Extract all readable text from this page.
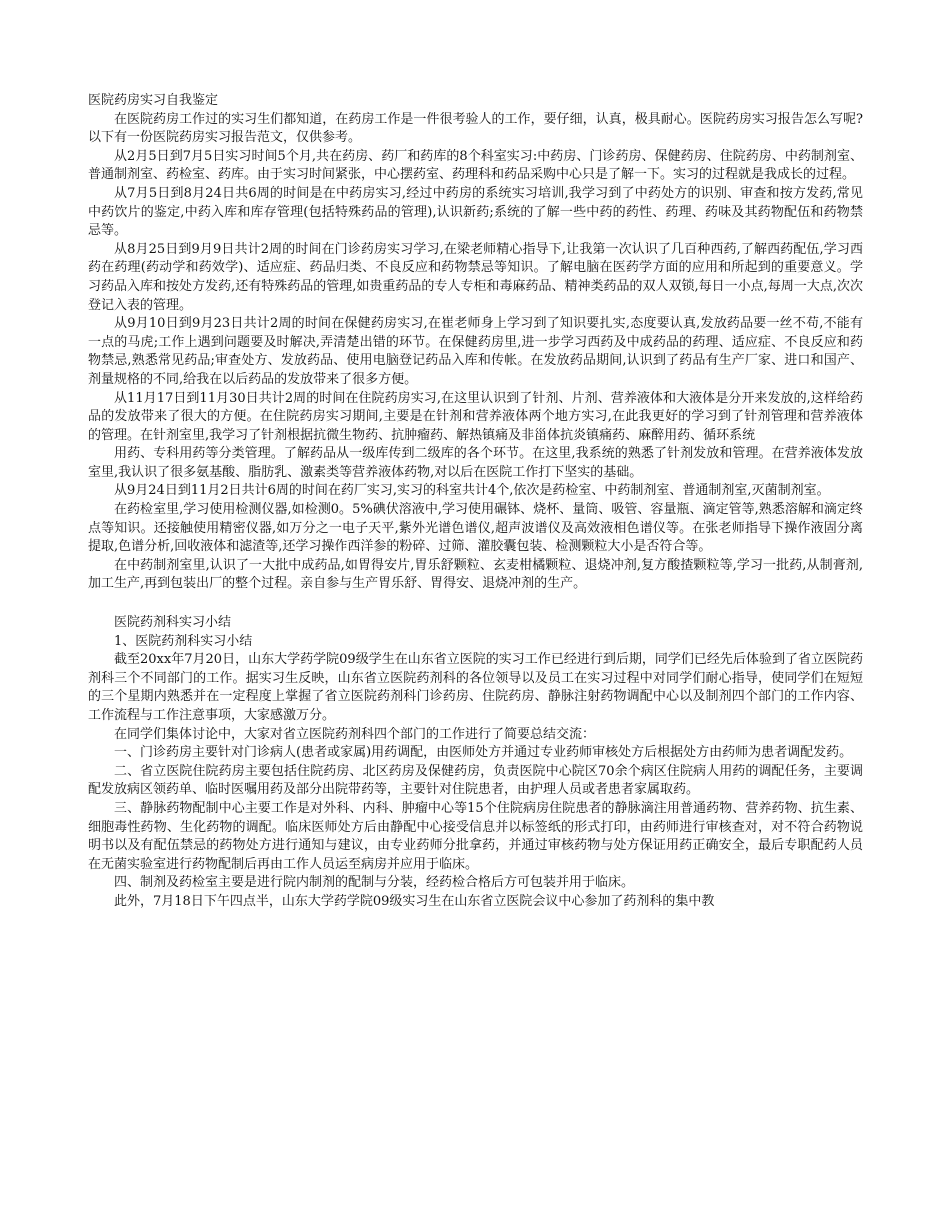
医院药房实习自我鉴定

在医院药房工作过的实习生们都知道，在药房工作是一件很考验人的工作，要仔细，认真，极具耐心。医院药房实习报告怎么写呢?以下有一份医院药房实习报告范文，仅供参考。

从2月5日到7月5日实习时间5个月,共在药房、药厂和药库的8个科室实习:中药房、门诊药房、保健药房、住院药房、中药制剂室、普通制剂室、药检室、药库。由于实习时间紧张，中心摆药室、药理科和药品采购中心只是了解一下。实习的过程就是我成长的过程。

从7月5日到8月24日共6周的时间是在中药房实习,经过中药房的系统实习培训,我学习到了中药处方的识别、审查和按方发药,常见中药饮片的鉴定,中药入库和库存管理(包括特殊药品的管理),认识新药;系统的了解一些中药的药性、药理、药味及其药物配伍和药物禁忌等。

从8月25日到9月9日共计2周的时间在门诊药房实习学习,在梁老师精心指导下,让我第一次认识了几百种西药,了解西药配伍,学习西药在药理(药动学和药效学)、适应症、药品归类、不良反应和药物禁忌等知识。了解电脑在医药学方面的应用和所起到的重要意义。学习药品入库和按处方发药,还有特殊药品的管理,如贵重药品的专人专柜和毒麻药品、精神类药品的双人双锁,每日一小点,每周一大点,次次登记入表的管理。

从9月10日到9月23日共计2周的时间在保健药房实习,在崔老师身上学习到了知识要扎实,态度要认真,发放药品要一丝不苟,不能有一点的马虎;工作上遇到问题要及时解决,弄清楚出错的环节。在保健药房里,进一步学习西药及中成药品的药理、适应症、不良反应和药物禁忌,熟悉常见药品;审查处方、发放药品、使用电脑登记药品入库和传帐。在发放药品期间,认识到了药品有生产厂家、进口和国产、剂量规格的不同,给我在以后药品的发放带来了很多方便。

从11月17日到11月30日共计2周的时间在住院药房实习,在这里认识到了针剂、片剂、营养液体和大液体是分开来发放的,这样给药品的发放带来了很大的方便。在住院药房实习期间,主要是在针剂和营养液体两个地方实习,在此我更好的学习到了针剂管理和营养液体的管理。在针剂室里,我学习了针剂根据抗微生物药、抗肿瘤药、解热镇痛及非甾体抗炎镇痛药、麻醉用药、循环系统

用药、专科用药等分类管理。了解药品从一级库传到二级库的各个环节。在这里,我系统的熟悉了针剂发放和管理。在营养液体发放室里,我认识了很多氨基酸、脂肪乳、激素类等营养液体药物,对以后在医院工作打下坚实的基础。

从9月24日到11月2日共计6周的时间在药厂实习,实习的科室共计4个,依次是药检室、中药制剂室、普通制剂室,灭菌制剂室。

在药检室里,学习使用检测仪器,如检测0。5%碘伏溶液中,学习使用碾钵、烧杯、量筒、吸管、容量瓶、滴定管等,熟悉溶解和滴定终点等知识。还接触使用精密仪器,如万分之一电子天平,紫外光谱色谱仪,超声波谱仪及高效液相色谱仪等。在张老师指导下操作液固分离提取,色谱分析,回收液体和滤渣等,还学习操作西洋参的粉碎、过筛、灌胶囊包装、检测颗粒大小是否符合等。

在中药制剂室里,认识了一大批中成药品,如胃得安片,胃乐舒颗粒、玄麦柑橘颗粒、退烧冲剂,复方酸揸颗粒等,学习一批药,从制膏剂,加工生产,再到包装出厂的整个过程。亲自参与生产胃乐舒、胃得安、退烧冲剂的生产。

医院药剂科实习小结
1、医院药剂科实习小结

截至20xx年7月20日，山东大学药学院09级学生在山东省立医院的实习工作已经进行到后期，同学们已经先后体验到了省立医院药剂科三个不同部门的工作。据实习生反映，山东省立医院药剂科的各位领导以及员工在实习过程中对同学们耐心指导，使同学们在短短的三个星期内熟悉并在一定程度上掌握了省立医院药剂科门诊药房、住院药房、静脉注射药物调配中心以及制剂四个部门的工作内容、工作流程与工作注意事项，大家感激万分。

在同学们集体讨论中，大家对省立医院药剂科四个部门的工作进行了简要总结交流：

一、门诊药房主要针对门诊病人(患者或家属)用药调配，由医师处方并通过专业药师审核处方后根据处方由药师为患者调配发药。

二、省立医院住院药房主要包括住院药房、北区药房及保健药房，负责医院中心院区70余个病区住院病人用药的调配任务，主要调配发放病区领药单、临时医嘱用药及部分出院带药等，主要针对住院患者，由护理人员或者患者家属取药。

三、静脉药物配制中心主要工作是对外科、内科、肿瘤中心等15个住院病房住院患者的静脉滴注用普通药物、营养药物、抗生素、细胞毒性药物、生化药物的调配。临床医师处方后由静配中心接受信息并以标签纸的形式打印，由药师进行审核查对，对不符合药物说明书以及有配伍禁忌的药物处方进行通知与建议，由专业药师分批拿药，并通过审核药物与处方保证用药正确安全，最后专职配药人员在无菌实验室进行药物配制后再由工作人员运至病房并应用于临床。

四、制剂及药检室主要是进行院内制剂的配制与分装，经药检合格后方可包装并用于临床。

此外，7月18日下午四点半，山东大学药学院09级实习生在山东省立医院会议中心参加了药剂科的集中教
